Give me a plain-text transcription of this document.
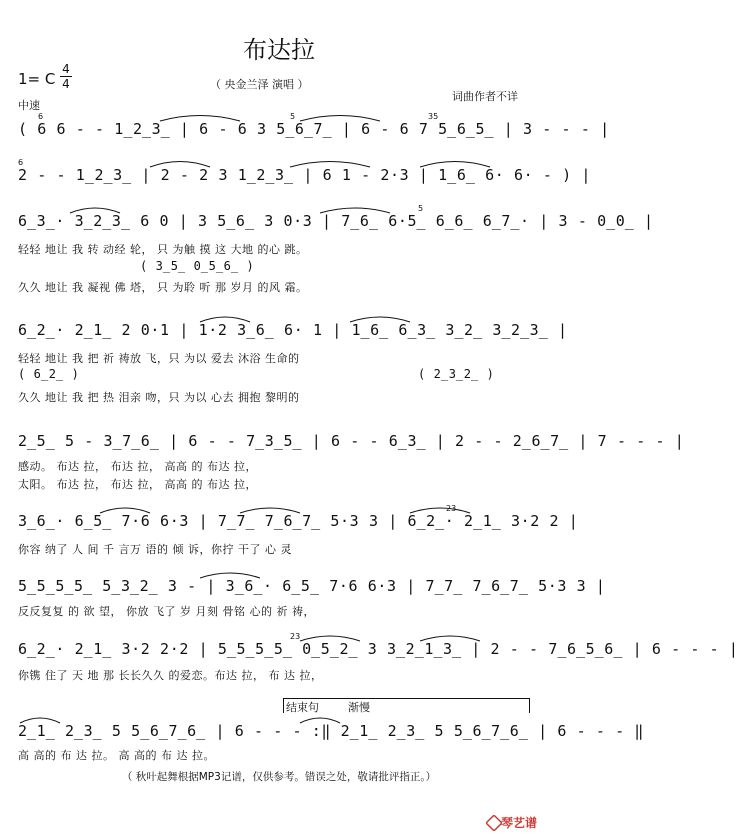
布达拉
1= C
4
4	（ 央金兰泽 演唱 ）
中速
词曲作者不详
( 6 6 - - 1̲2̲3̲ | 6 - 6 3 5̲6̲7̲ | 6 - 6 7 5̲6̲5̲ | 3 - - - |
2 - - 1̲2̲3̲ | 2 - 2 3 1̲2̲3̲ | 6 1 - 2·3 | 1̲6̲ 6· 6· - ) |
6̲3̲· 3̲2̲3̲ 6 0 | 3 5̲6̲ 3 0·3 | 7̲6̲ 6·5̲ 6̲6̲ 6̲7̲· | 3 - 0̲0̲ |
轻轻 地让 我 转 动经 轮， 只 为触 摸 这 大地 的心 跳。
( 3̲5̲ 0̲5̲6̲ )
久久 地让 我 凝视 佛 塔， 只 为聆 听 那 岁月 的风 霜。
6̲2̲· 2̲1̲ 2 0·1 | 1·2 3̲6̲ 6· 1 | 1̲6̲ 6̲3̲ 3̲2̲ 3̲2̲3̲ |
轻轻 地让 我 把 祈 祷放 飞，只 为以 爱去 沐浴 生命的
( 6̲2̲ )	( 2̲3̲2̲ )
久久 地让 我 把 热 泪亲 吻，只 为以 心去 拥抱 黎明的
2̲5̲ 5 - 3̲7̲6̲ | 6 - - 7̲3̲5̲ | 6 - - 6̲3̲ | 2 - - 2̲6̲7̲ | 7 - - - |
感动。 布达 拉， 布达 拉， 高高 的 布达 拉，
太阳。 布达 拉， 布达 拉， 高高 的 布达 拉，
3̲6̲· 6̲5̲ 7·6 6·3 | 7̲7̲ 7̲6̲7̲ 5·3 3 | 6̲2̲· 2̲1̲ 3·2 2 |
你容 纳了 人 间 千 言万 语的 倾 诉，你拧 干了 心 灵
5̲5̲5̲5̲ 5̲3̲2̲ 3 - | 3̲6̲· 6̲5̲ 7·6 6·3 | 7̲7̲ 7̲6̲7̲ 5·3 3 |
反反复复 的 欲 望， 你放 飞了 岁 月刻 骨铭 心的 祈 祷，
6̲2̲· 2̲1̲ 3·2 2·2 | 5̲5̲5̲5̲ 0̲5̲2̲ 3 3̲2̲1̲3̲ | 2 - - 7̲6̲5̲6̲ | 6 - - - |
你镌 住了 天 地 那 长长久久 的爱恋。布达 拉， 布 达 拉，
结束句	渐慢
2̲1̲ 2̲3̲ 5 5̲6̲7̲6̲ | 6 - - - :‖ 2̲1̲ 2̲3̲ 5 5̲6̲7̲6̲ | 6 - - - ‖
高 高的 布 达 拉。 高 高的 布 达 拉。
6	5	35
6
5
23
23
（ 秋叶起舞根据MP3记谱，仅供参考。错误之处，敬请批评指正。）
琴艺谱
